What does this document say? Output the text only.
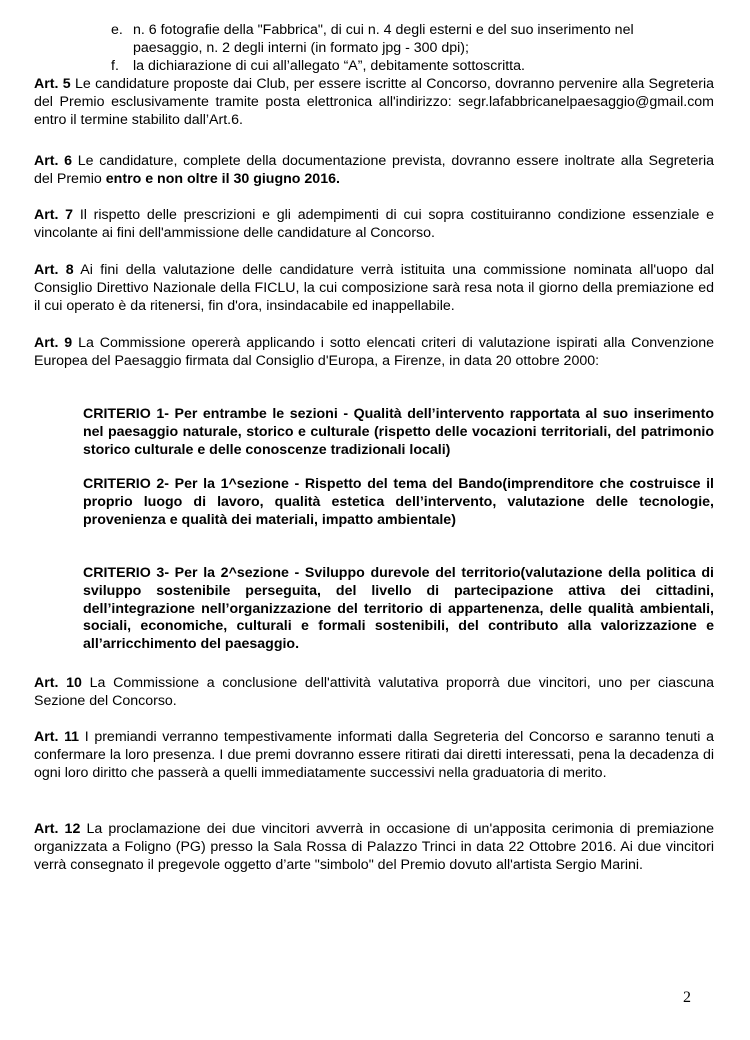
e. n. 6 fotografie della "Fabbrica", di cui n. 4 degli esterni e del suo inserimento nel
paesaggio, n. 2 degli interni (in formato jpg - 300 dpi);
f. la dichiarazione di cui all’allegato “A”, debitamente sottoscritta.

Art. 5 Le candidature proposte dai Club, per essere iscritte al Concorso, dovranno pervenire alla Segreteria del Premio esclusivamente tramite posta elettronica all'indirizzo: segr.lafabbricanelpaesaggio@gmail.com entro il termine stabilito dall’Art.6.

Art. 6 Le candidature, complete della documentazione prevista, dovranno essere inoltrate alla Segreteria del Premio entro e non oltre il 30 giugno 2016.

Art. 7 Il rispetto delle prescrizioni e gli adempimenti di cui sopra costituiranno condizione essenziale e vincolante ai fini dell'ammissione delle candidature al Concorso.

Art. 8 Ai fini della valutazione delle candidature verrà istituita una commissione nominata all'uopo dal Consiglio Direttivo Nazionale della FICLU, la cui composizione sarà resa nota il giorno della premiazione ed il cui operato è da ritenersi, fin d'ora, insindacabile ed inappellabile.

Art. 9 La Commissione opererà applicando i sotto elencati criteri di valutazione ispirati alla Convenzione Europea del Paesaggio firmata dal Consiglio d'Europa, a Firenze, in data 20 ottobre 2000:

CRITERIO 1- Per entrambe le sezioni - Qualità dell’intervento rapportata al suo inserimento nel paesaggio naturale, storico e culturale (rispetto delle vocazioni territoriali, del patrimonio storico culturale e delle conoscenze tradizionali locali)

CRITERIO 2- Per la 1^sezione - Rispetto del tema del Bando(imprenditore che costruisce il proprio luogo di lavoro, qualità estetica dell’intervento, valutazione delle tecnologie, provenienza e qualità dei materiali, impatto ambientale)

CRITERIO 3- Per la 2^sezione - Sviluppo durevole del territorio(valutazione della politica di sviluppo sostenibile perseguita, del livello di partecipazione attiva dei cittadini, dell’integrazione nell’organizzazione del territorio di appartenenza, delle qualità ambientali, sociali, economiche, culturali e formali sostenibili, del contributo alla valorizzazione e all’arricchimento del paesaggio.

Art. 10 La Commissione a conclusione dell'attività valutativa proporrà due vincitori, uno per ciascuna Sezione del Concorso.

Art. 11 I premiandi verranno tempestivamente informati dalla Segreteria del Concorso e saranno tenuti a confermare la loro presenza. I due premi dovranno essere ritirati dai diretti interessati, pena la decadenza di ogni loro diritto che passerà a quelli immediatamente successivi nella graduatoria di merito.

Art. 12 La proclamazione dei due vincitori avverrà in occasione di un'apposita cerimonia di premiazione organizzata a Foligno (PG) presso la Sala Rossa di Palazzo Trinci in data 22 Ottobre 2016. Ai due vincitori verrà consegnato il pregevole oggetto d’arte "simbolo" del Premio dovuto all'artista Sergio Marini.

2
